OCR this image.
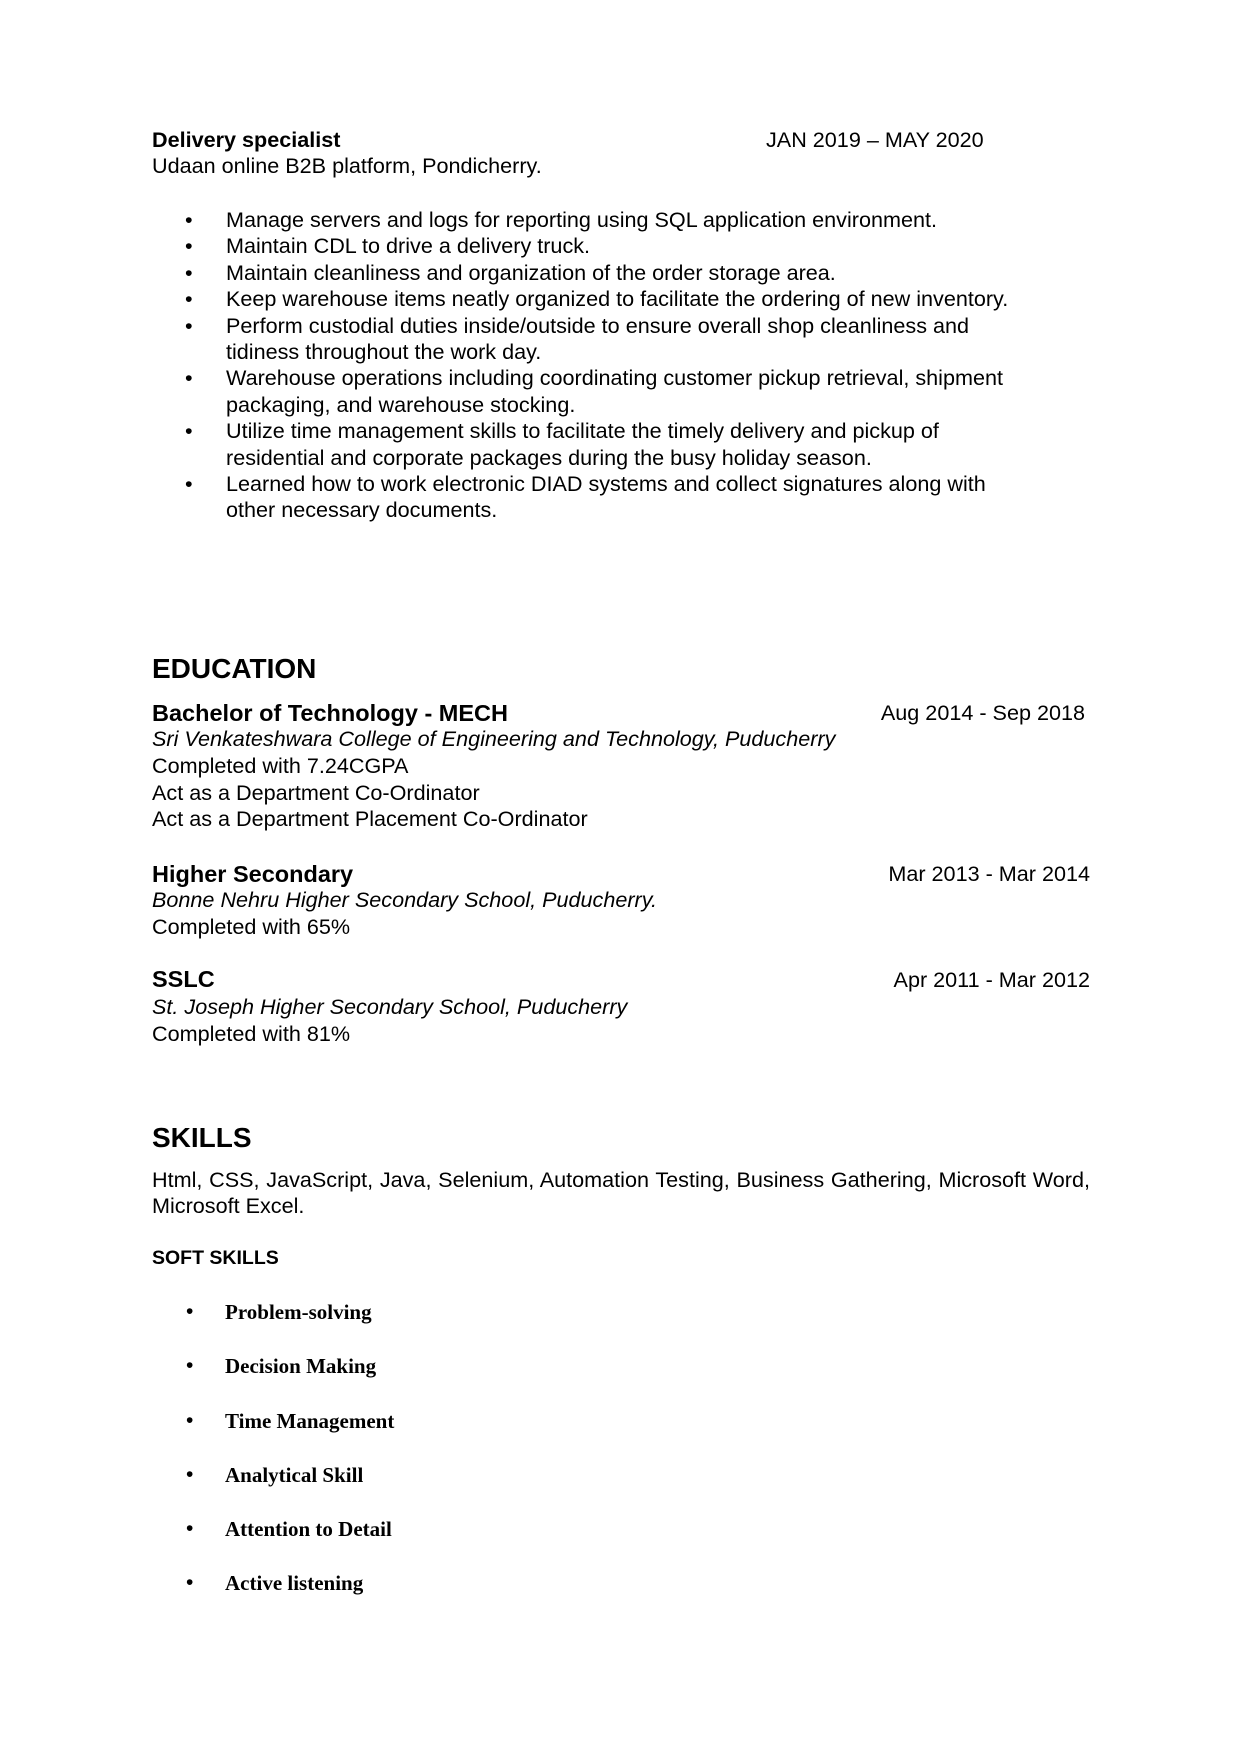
Delivery specialist	JAN 2019 – MAY 2020
Udaan online B2B platform, Pondicherry.
• Manage servers and logs for reporting using SQL application environment.
• Maintain CDL to drive a delivery truck.
• Maintain cleanliness and organization of the order storage area.
• Keep warehouse items neatly organized to facilitate the ordering of new inventory.
• Perform custodial duties inside/outside to ensure overall shop cleanliness and tidiness throughout the work day.
• Warehouse operations including coordinating customer pickup retrieval, shipment packaging, and warehouse stocking.
• Utilize time management skills to facilitate the timely delivery and pickup of residential and corporate packages during the busy holiday season.
• Learned how to work electronic DIAD systems and collect signatures along with other necessary documents.
EDUCATION
Bachelor of Technology - MECH	Aug 2014 - Sep 2018
Sri Venkateshwara College of Engineering and Technology, Puducherry
Completed with 7.24CGPA
Act as a Department Co-Ordinator
Act as a Department Placement Co-Ordinator
Higher Secondary	Mar 2013 - Mar 2014
Bonne Nehru Higher Secondary School, Puducherry.
Completed with 65%
SSLC	Apr 2011 - Mar 2012
St. Joseph Higher Secondary School, Puducherry
Completed with 81%
SKILLS
Html, CSS, JavaScript, Java, Selenium, Automation Testing, Business Gathering, Microsoft Word, Microsoft Excel.
SOFT SKILLS
• Problem-solving
• Decision Making
• Time Management
• Analytical Skill
• Attention to Detail
• Active listening
